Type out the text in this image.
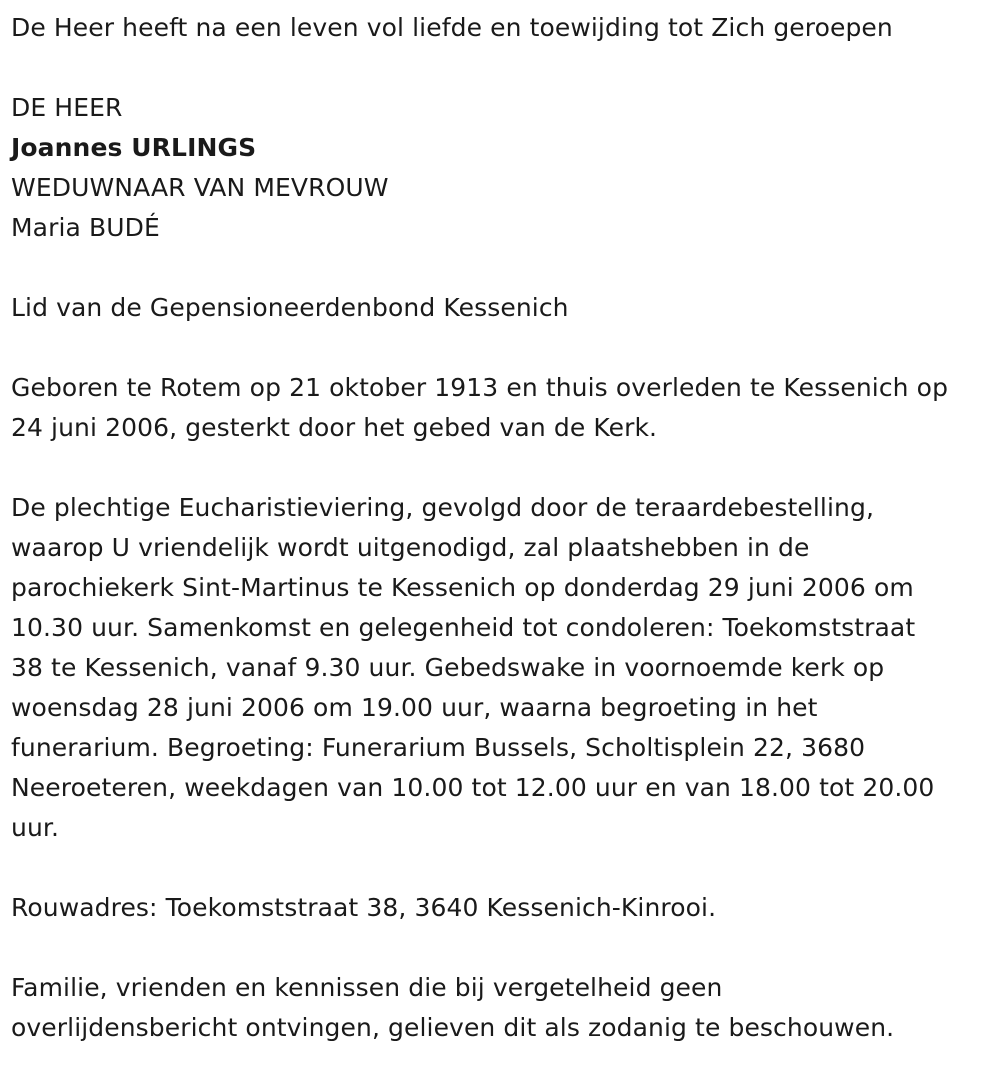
De Heer heeft na een leven vol liefde en toewijding tot Zich geroepen

DE HEER

Joannes URLINGS

WEDUWNAAR VAN MEVROUW

Maria BUDÉ

Lid van de Gepensioneerdenbond Kessenich

Geboren te Rotem op 21 oktober 1913 en thuis overleden te Kessenich op

24 juni 2006, gesterkt door het gebed van de Kerk.

De plechtige Eucharistieviering, gevolgd door de teraardebestelling,

waarop U vriendelijk wordt uitgenodigd, zal plaatshebben in de

parochiekerk Sint-Martinus te Kessenich op donderdag 29 juni 2006 om

10.30 uur. Samenkomst en gelegenheid tot condoleren: Toekomststraat

38 te Kessenich, vanaf 9.30 uur. Gebedswake in voornoemde kerk op

woensdag 28 juni 2006 om 19.00 uur, waarna begroeting in het

funerarium. Begroeting: Funerarium Bussels, Scholtisplein 22, 3680

Neeroeteren, weekdagen van 10.00 tot 12.00 uur en van 18.00 tot 20.00

uur.

Rouwadres: Toekomststraat 38, 3640 Kessenich-Kinrooi.

Familie, vrienden en kennissen die bij vergetelheid geen

overlijdensbericht ontvingen, gelieven dit als zodanig te beschouwen.
